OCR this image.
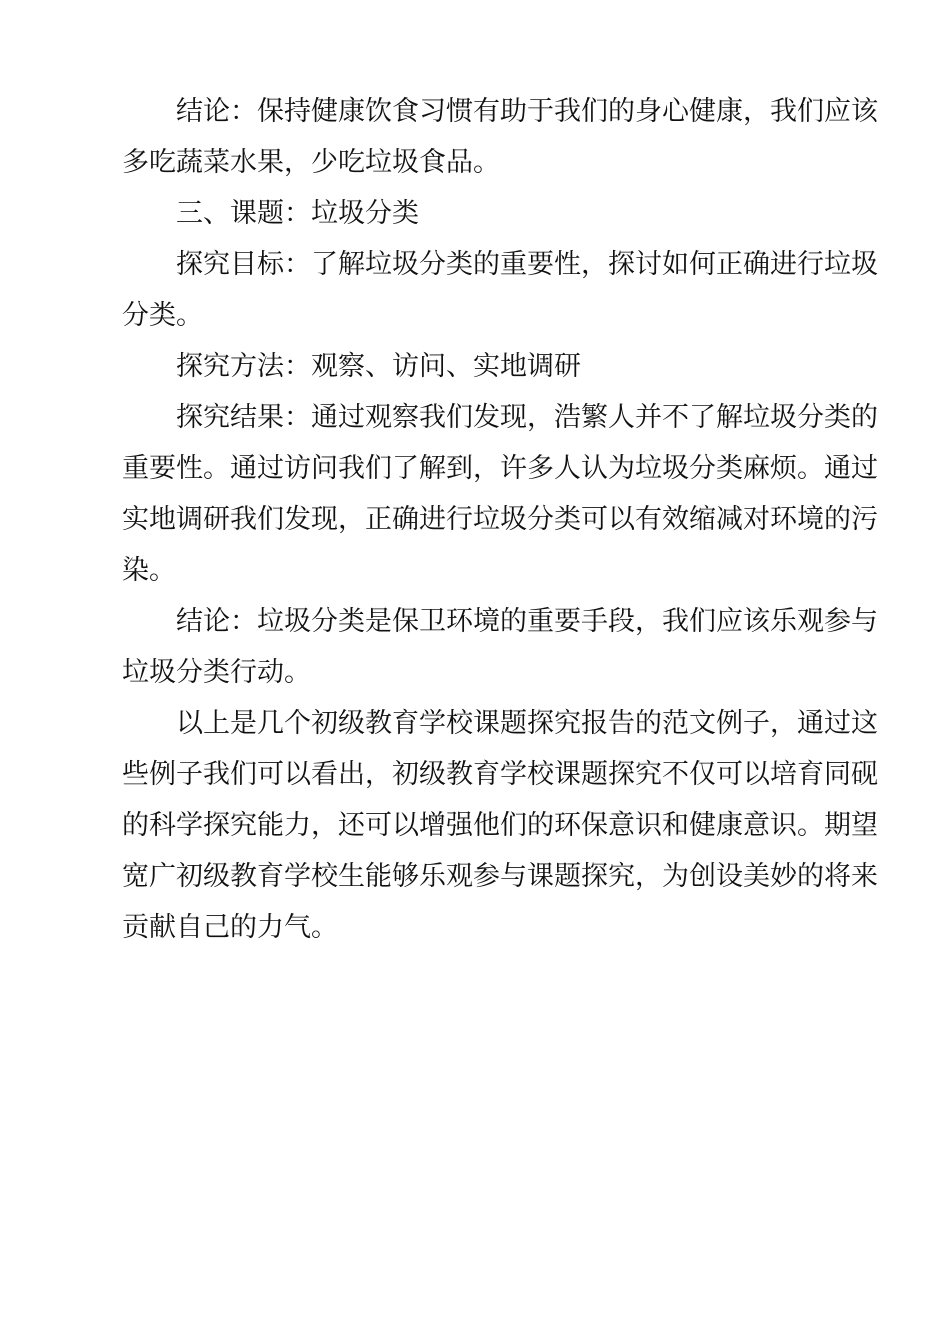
结论：保持健康饮食习惯有助于我们的身心健康，我们应该
多吃蔬菜水果，少吃垃圾食品。
三、课题：垃圾分类
探究目标：了解垃圾分类的重要性，探讨如何正确进行垃圾
分类。
探究方法：观察、访问、实地调研
探究结果：通过观察我们发现，浩繁人并不了解垃圾分类的
重要性。通过访问我们了解到，许多人认为垃圾分类麻烦。通过
实地调研我们发现，正确进行垃圾分类可以有效缩减对环境的污
染。
结论：垃圾分类是保卫环境的重要手段，我们应该乐观参与
垃圾分类行动。
以上是几个初级教育学校课题探究报告的范文例子，通过这
些例子我们可以看出，初级教育学校课题探究不仅可以培育同砚
的科学探究能力，还可以增强他们的环保意识和健康意识。期望
宽广初级教育学校生能够乐观参与课题探究，为创设美妙的将来
贡献自己的力气。
